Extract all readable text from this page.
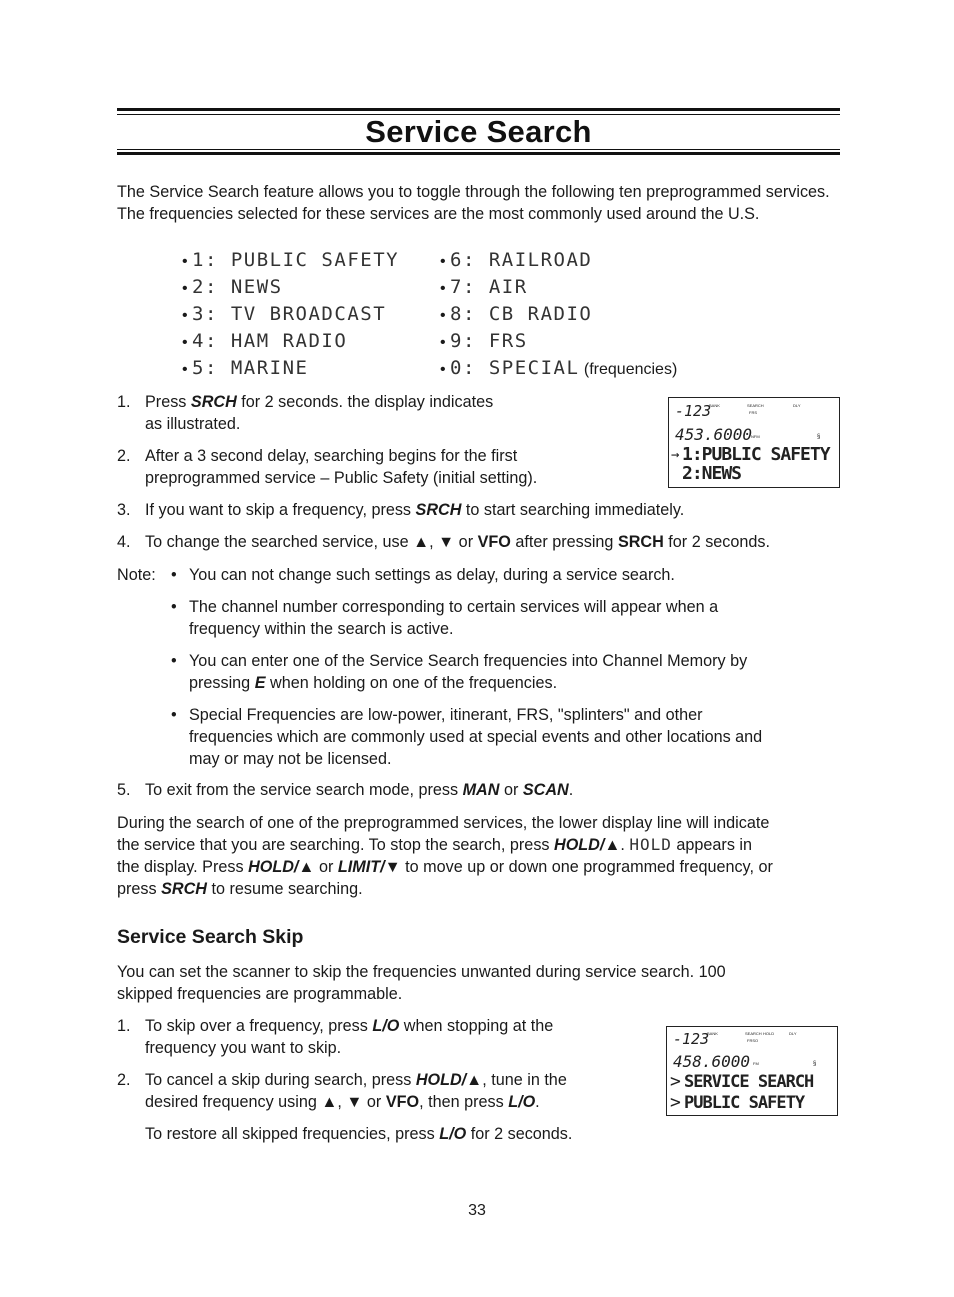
Service Search
The Service Search feature allows you to toggle through the following ten preprogrammed services. The frequencies selected for these services are the most commonly used around the U.S.
• 1: PUBLIC SAFETY
• 2: NEWS
• 3: TV BROADCAST
• 4: HAM RADIO
• 5: MARINE
• 6: RAILROAD
• 7: AIR
• 8: CB RADIO
• 9: FRS
• 0: SPECIAL (frequencies)
1. Press SRCH for 2 seconds. the display indicates
as illustrated.
2. After a 3 second delay, searching begins for the first
preprogrammed service – Public Safety (initial setting).
-123
BANK	SEARCH
FRS
DLY
453.6000
NFM	§
→ 1:PUBLIC SAFETY
2:NEWS
3. If you want to skip a frequency, press SRCH to start searching immediately.
4. To change the searched service, use ▲, ▼ or VFO after pressing SRCH for 2 seconds.
Note: • You can not change such settings as delay, during a service search.
• The channel number corresponding to certain services will appear when a
frequency within the search is active.
• You can enter one of the Service Search frequencies into Channel Memory by
pressing E when holding on one of the frequencies.
• Special Frequencies are low-power, itinerant, FRS, "splinters" and other
frequencies which are commonly used at special events and other locations and
may or may not be licensed.
5. To exit from the service search mode, press MAN or SCAN.
During the search of one of the preprogrammed services, the lower display line will indicate
the service that you are searching. To stop the search, press HOLD/▲. HOLD appears in
the display. Press HOLD/▲ or LIMIT/▼ to move up or down one programmed frequency, or
press SRCH to resume searching.
Service Search Skip
You can set the scanner to skip the frequencies unwanted during service search. 100
skipped frequencies are programmable.
1. To skip over a frequency, press L/O when stopping at the
frequency you want to skip.
2. To cancel a skip during search, press HOLD/▲, tune in the
desired frequency using ▲, ▼ or VFO, then press L/O.
To restore all skipped frequencies, press L/O for 2 seconds.
-123
BANK	SEARCH HOLD
FRSO
DLY
458.6000 FM	§
> SERVICE SEARCH
> PUBLIC SAFETY
33
